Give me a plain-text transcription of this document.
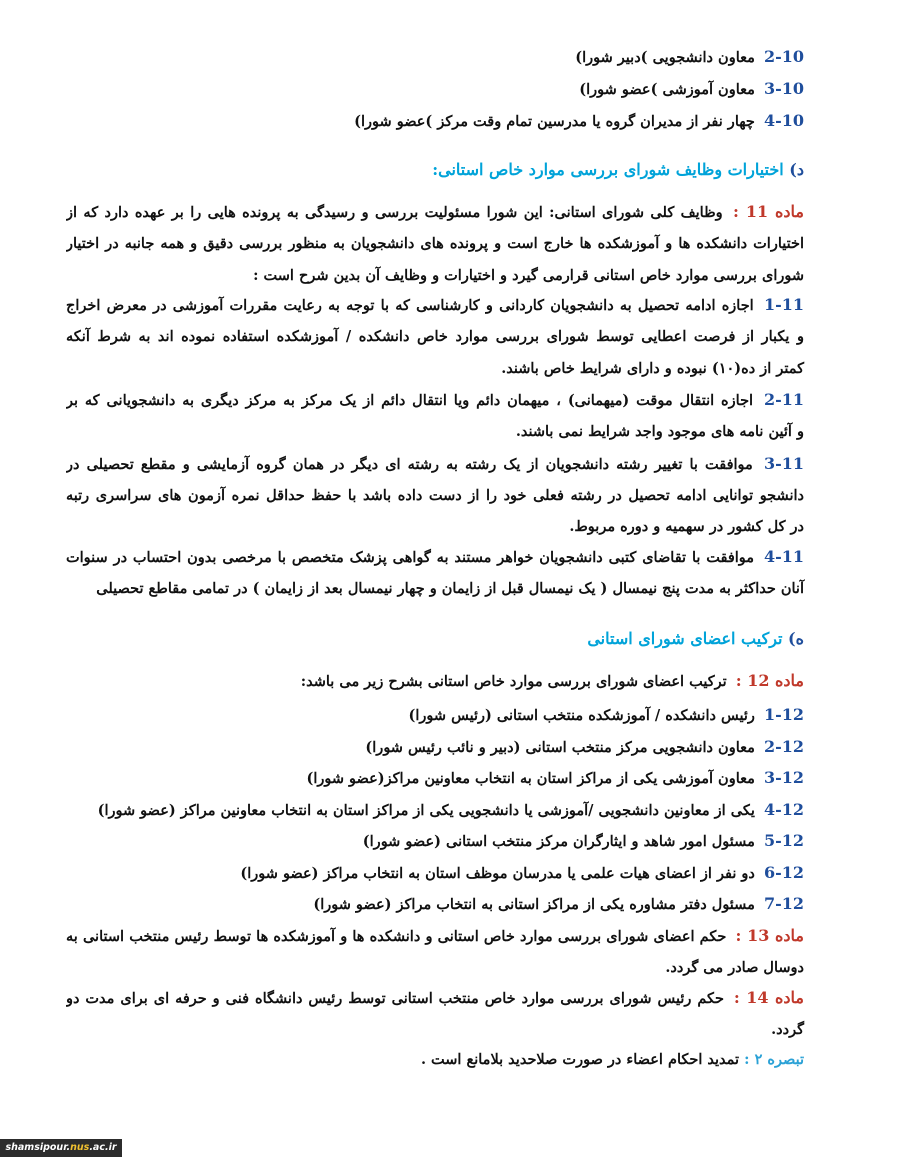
2-10 معاون دانشجویی )دبیر شورا)
3-10 معاون آموزشی )عضو شورا)
4-10 چهار نفر از مدیران گروه یا مدرسین تمام وقت مرکز )عضو شورا)
د) اختیارات وظایف شورای بررسی موارد خاص استانی:
ماده 11 : وظایف کلی شورای استانی: این شورا مسئولیت بررسی و رسیدگی به پرونده هایی را بر عهده دارد که از
اختیارات دانشکده ها و آموزشکده ها خارج است و پرونده های دانشجویان به منظور بررسی دقیق و همه جانبه در اختیار
شورای بررسی موارد خاص استانی قرارمی گیرد و اختیارات و وظایف آن بدین شرح است :
1-11 اجازه ادامه تحصیل به دانشجویان کاردانی و کارشناسی که با توجه به رعایت مقررات آموزشی در معرض اخراج
و یکبار از فرصت اعطایی توسط شورای بررسی موارد خاص دانشکده / آموزشکده استفاده نموده اند به شرط آنکه
کمتر از ده(۱۰) نبوده و دارای شرایط خاص باشند.
2-11 اجازه انتقال موقت (میهمانی) ، میهمان دائم ویا انتقال دائم از یک مرکز به مرکز دیگری به دانشجویانی که بر
و آئین نامه های موجود واجد شرایط نمی باشند.
3-11 موافقت با تغییر رشته دانشجویان از یک رشته به رشته ای دیگر در همان گروه آزمایشی و مقطع تحصیلی در
دانشجو توانایی ادامه تحصیل در رشته فعلی خود را از دست داده باشد با حفظ حداقل نمره آزمون های سراسری رتبه
در کل کشور در سهمیه و دوره مربوط.
4-11 موافقت با تقاضای کتبی دانشجویان خواهر مستند به گواهی پزشک متخصص با مرخصی بدون احتساب در سنوات
آنان حداکثر به مدت پنج نیمسال ( یک نیمسال قبل از زایمان و چهار نیمسال بعد از زایمان ) در تمامی مقاطع تحصیلی
ه) ترکیب اعضای شورای استانی
ماده 12 : ترکیب اعضای شورای بررسی موارد خاص استانی بشرح زیر می باشد:
1-12 رئیس دانشکده / آموزشکده منتخب استانی (رئیس شورا)
2-12 معاون دانشجویی مرکز منتخب استانی (دبیر و نائب رئیس شورا)
3-12 معاون آموزشی یکی از مراکز استان به انتخاب معاونین مراکز(عضو شورا)
4-12 یکی از معاونین دانشجویی /آموزشی یا دانشجویی یکی از مراکز استان به انتخاب معاونین مراکز (عضو شورا)
5-12 مسئول امور شاهد و ایثارگران مرکز منتخب استانی (عضو شورا)
6-12 دو نفر از اعضای هیات علمی یا مدرسان موظف استان به انتخاب مراکز (عضو شورا)
7-12 مسئول دفتر مشاوره یکی از مراکز استانی به انتخاب مراکز (عضو شورا)
ماده 13 : حکم اعضای شورای بررسی موارد خاص استانی و دانشکده ها و آموزشکده ها توسط رئیس منتخب استانی به
دوسال صادر می گردد.
ماده 14 : حکم رئیس شورای بررسی موارد خاص منتخب استانی توسط رئیس دانشگاه فنی و حرفه ای برای مدت دو
گردد.
تبصره ۲ : تمدید احکام اعضاء در صورت صلاحدید بلامانع است .
shamsipour.nus.ac.ir
